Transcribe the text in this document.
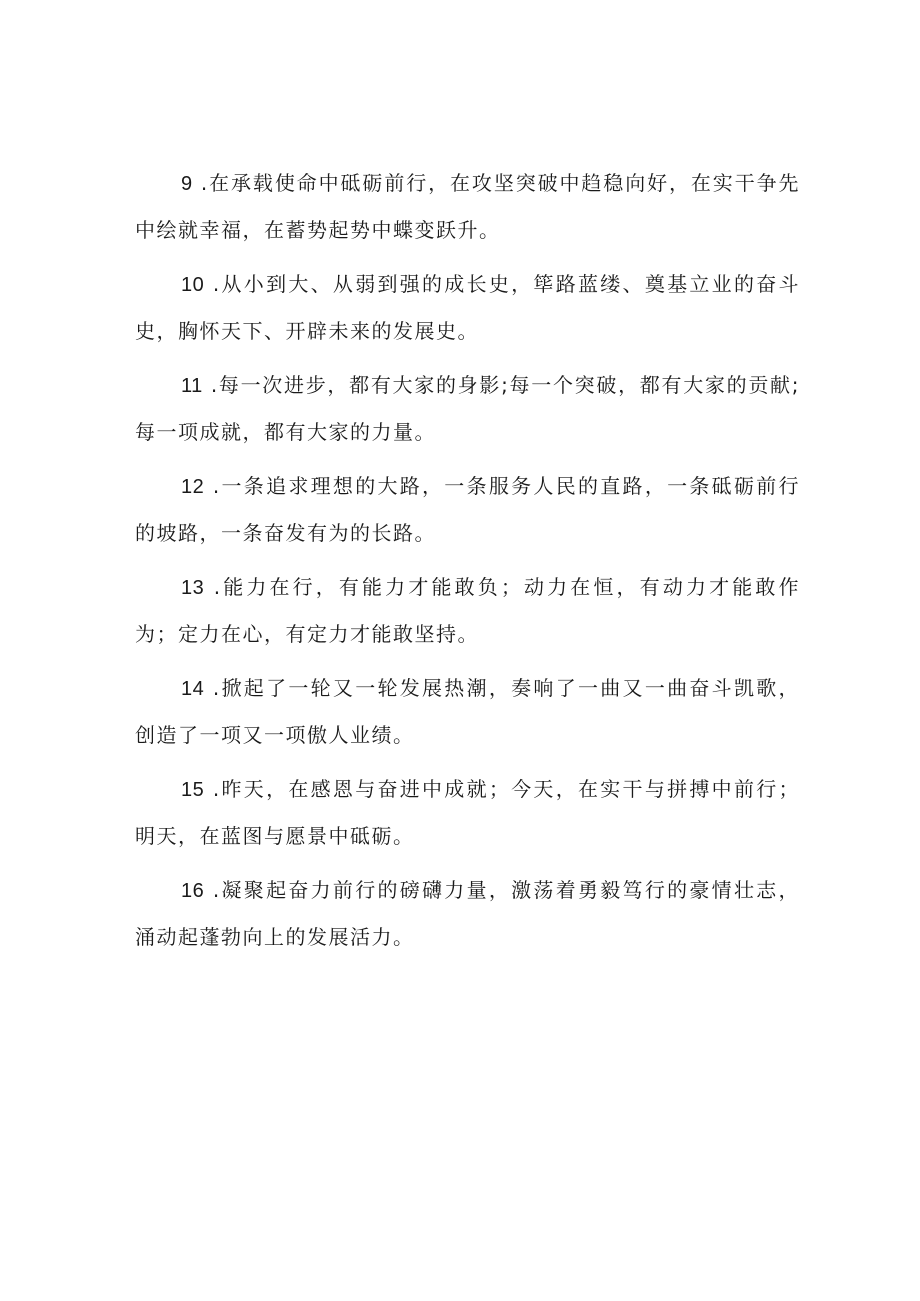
9 .在承载使命中砥砺前行，在攻坚突破中趋稳向好，在实干争先中绘就幸福，在蓄势起势中蝶变跃升。

10 .从小到大、从弱到强的成长史，筚路蓝缕、奠基立业的奋斗史，胸怀天下、开辟未来的发展史。

11 .每一次进步，都有大家的身影;每一个突破，都有大家的贡献;每一项成就，都有大家的力量。

12 .一条追求理想的大路，一条服务人民的直路，一条砥砺前行的坡路，一条奋发有为的长路。

13 .能力在行，有能力才能敢负；动力在恒，有动力才能敢作为；定力在心，有定力才能敢坚持。

14 .掀起了一轮又一轮发展热潮，奏响了一曲又一曲奋斗凯歌，创造了一项又一项傲人业绩。

15 .昨天，在感恩与奋进中成就；今天，在实干与拼搏中前行；明天，在蓝图与愿景中砥砺。

16 .凝聚起奋力前行的磅礴力量，激荡着勇毅笃行的豪情壮志，涌动起蓬勃向上的发展活力。
